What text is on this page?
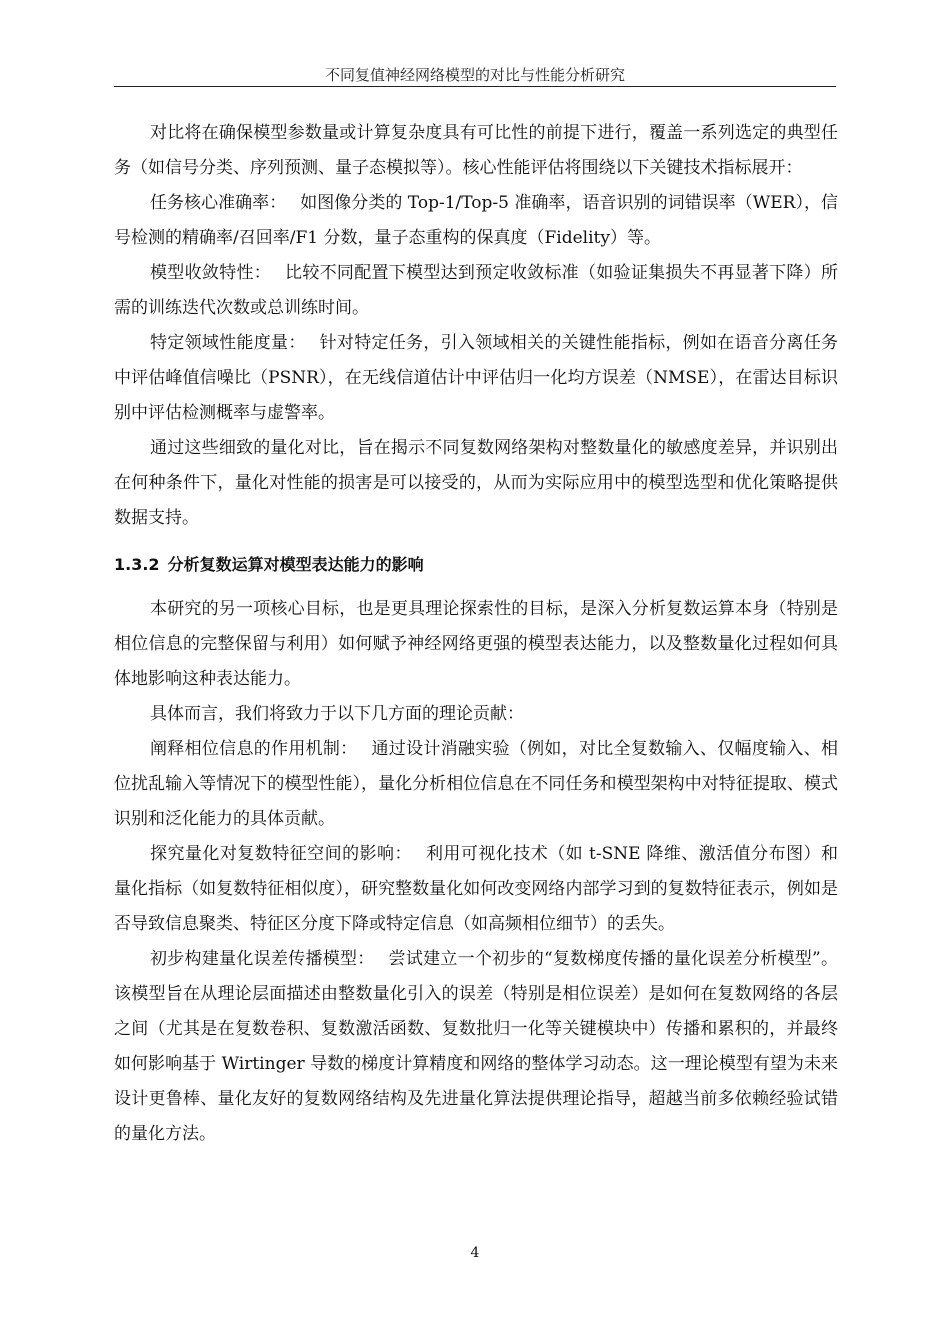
不同复值神经网络模型的对比与性能分析研究

对比将在确保模型参数量或计算复杂度具有可比性的前提下进行，覆盖一系列选定的典型任务（如信号分类、序列预测、量子态模拟等）。核心性能评估将围绕以下关键技术指标展开：

任务核心准确率： 如图像分类的 Top-1/Top-5 准确率，语音识别的词错误率（WER），信号检测的精确率/召回率/F1 分数，量子态重构的保真度（Fidelity）等。

模型收敛特性： 比较不同配置下模型达到预定收敛标准（如验证集损失不再显著下降）所需的训练迭代次数或总训练时间。

特定领域性能度量： 针对特定任务，引入领域相关的关键性能指标，例如在语音分离任务中评估峰值信噪比（PSNR），在无线信道估计中评估归一化均方误差（NMSE），在雷达目标识别中评估检测概率与虚警率。

通过这些细致的量化对比，旨在揭示不同复数网络架构对整数量化的敏感度差异，并识别出在何种条件下，量化对性能的损害是可以接受的，从而为实际应用中的模型选型和优化策略提供数据支持。

1.3.2 分析复数运算对模型表达能力的影响

本研究的另一项核心目标，也是更具理论探索性的目标，是深入分析复数运算本身（特别是相位信息的完整保留与利用）如何赋予神经网络更强的模型表达能力，以及整数量化过程如何具体地影响这种表达能力。

具体而言，我们将致力于以下几方面的理论贡献：

阐释相位信息的作用机制： 通过设计消融实验（例如，对比全复数输入、仅幅度输入、相位扰乱输入等情况下的模型性能），量化分析相位信息在不同任务和模型架构中对特征提取、模式识别和泛化能力的具体贡献。

探究量化对复数特征空间的影响： 利用可视化技术（如 t-SNE 降维、激活值分布图）和量化指标（如复数特征相似度），研究整数量化如何改变网络内部学习到的复数特征表示，例如是否导致信息聚类、特征区分度下降或特定信息（如高频相位细节）的丢失。

初步构建量化误差传播模型： 尝试建立一个初步的“复数梯度传播的量化误差分析模型”。该模型旨在从理论层面描述由整数量化引入的误差（特别是相位误差）是如何在复数网络的各层之间（尤其是在复数卷积、复数激活函数、复数批归一化等关键模块中）传播和累积的，并最终如何影响基于 Wirtinger 导数的梯度计算精度和网络的整体学习动态。这一理论模型有望为未来设计更鲁棒、量化友好的复数网络结构及先进量化算法提供理论指导，超越当前多依赖经验试错的量化方法。

4
